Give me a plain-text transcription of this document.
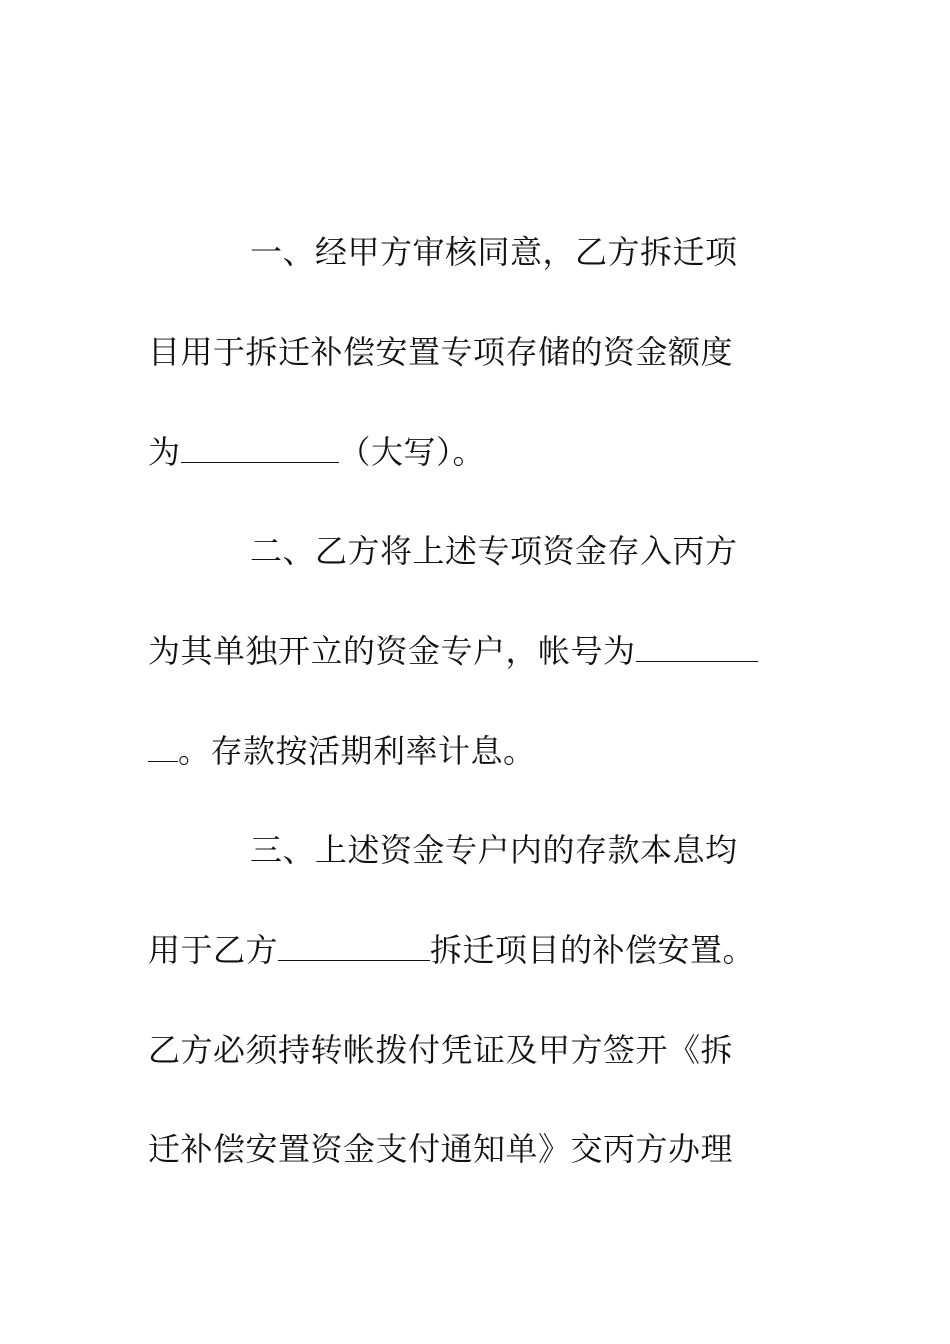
一、经甲方审核同意，乙方拆迁项
目用于拆迁补偿安置专项存储的资金额度
为	（大写）。
二、乙方将上述专项资金存入丙方
为其单独开立的资金专户，帐号为
。存款按活期利率计息。
三、上述资金专户内的存款本息均
用于乙方	拆迁项目的补偿安置。
乙方必须持转帐拨付凭证及甲方签开《拆
迁补偿安置资金支付通知单》交丙方办理
